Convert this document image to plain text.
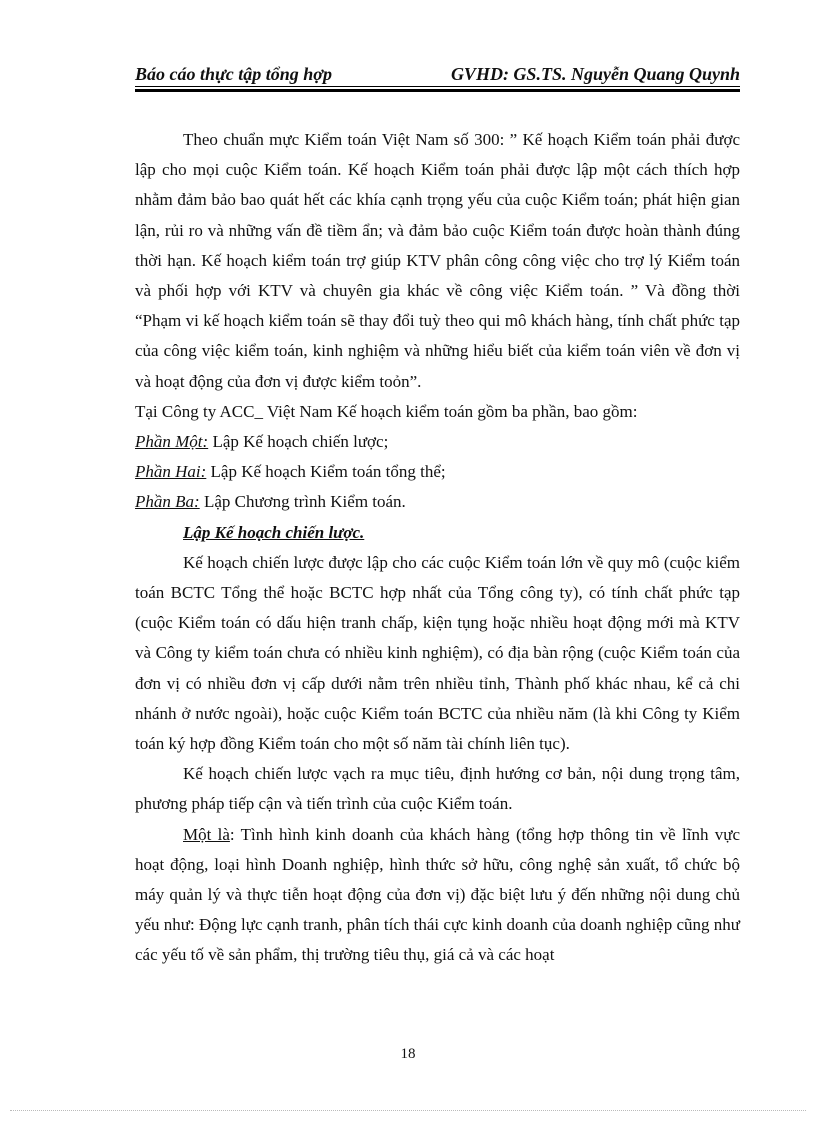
Báo cáo thực tập tổng hợp	GVHD: GS.TS. Nguyễn Quang Quynh

Theo chuẩn mực Kiểm toán Việt Nam số 300: ” Kế hoạch Kiểm toán phải được lập cho mọi cuộc Kiểm toán. Kế hoạch Kiểm toán phải được lập một cách thích hợp nhằm đảm bảo bao quát hết các khía cạnh trọng yếu của cuộc Kiểm toán; phát hiện gian lận, rủi ro và những vấn đề tiềm ẩn; và đảm bảo cuộc Kiểm toán được hoàn thành đúng thời hạn. Kế hoạch kiểm toán trợ giúp KTV phân công công việc cho trợ lý Kiểm toán và phối hợp với KTV và chuyên gia khác về công việc Kiểm toán. ” Và đồng thời “Phạm vi kế hoạch kiểm toán sẽ thay đổi tuỳ theo qui mô khách hàng, tính chất phức tạp của công việc kiểm toán, kinh nghiệm và những hiểu biết của kiểm toán viên về đơn vị và hoạt động của đơn vị được kiểm toỏn”.

Tại Công ty ACC_ Việt Nam Kế hoạch kiểm toán gồm ba phần, bao gồm:

Phần Một: Lập Kế hoạch chiến lược;

Phần Hai: Lập Kế hoạch Kiểm toán tổng thể;

Phần Ba: Lập Chương trình Kiểm toán.

Lập Kế hoạch chiến lược.

Kế hoạch chiến lược được lập cho các cuộc Kiểm toán lớn về quy mô (cuộc kiểm toán BCTC Tổng thể hoặc BCTC hợp nhất của Tổng công ty), có tính chất phức tạp (cuộc Kiểm toán có dấu hiện tranh chấp, kiện tụng hoặc nhiều hoạt động mới mà KTV và Công ty kiểm toán chưa có nhiều kinh nghiệm), có địa bàn rộng (cuộc Kiểm toán của đơn vị có nhiều đơn vị cấp dưới nằm trên nhiều tỉnh, Thành phố khác nhau, kể cả chi nhánh ở nước ngoài), hoặc cuộc Kiểm toán BCTC của nhiều năm (là khi Công ty Kiểm toán ký hợp đồng Kiểm toán cho một số năm tài chính liên tục).

Kế hoạch chiến lược vạch ra mục tiêu, định hướng cơ bản, nội dung trọng tâm, phương pháp tiếp cận và tiến trình của cuộc Kiểm toán.

Một là: Tình hình kinh doanh của khách hàng (tổng hợp thông tin về lĩnh vực hoạt động, loại hình Doanh nghiệp, hình thức sở hữu, công nghệ sản xuất, tổ chức bộ máy quản lý và thực tiễn hoạt động của đơn vị) đặc biệt lưu ý đến những nội dung chủ yếu như: Động lực cạnh tranh, phân tích thái cực kinh doanh của doanh nghiệp cũng như các yếu tố về sản phẩm, thị trường tiêu thụ, giá cả và các hoạt

18
